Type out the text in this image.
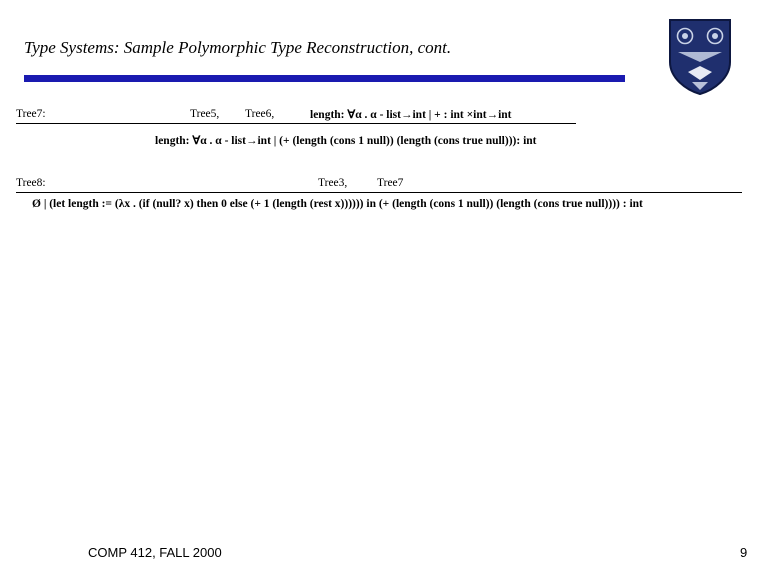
Type Systems: Sample Polymorphic Type Reconstruction, cont.
Tree7:	Tree5, Tree6,	length: ∀α . α - list→int | + : int ×int→int
length: ∀α . α - list→int | (+ (length (cons 1 null)) (length (cons true null))): int
Tree8:	Tree3,	Tree7
Ø | (let length := (λx . (if (null? x) then 0 else (+ 1 (length (rest x)))))) in (+ (length (cons 1 null)) (length (cons true null)))) : int
COMP 412, FALL 2000	9
